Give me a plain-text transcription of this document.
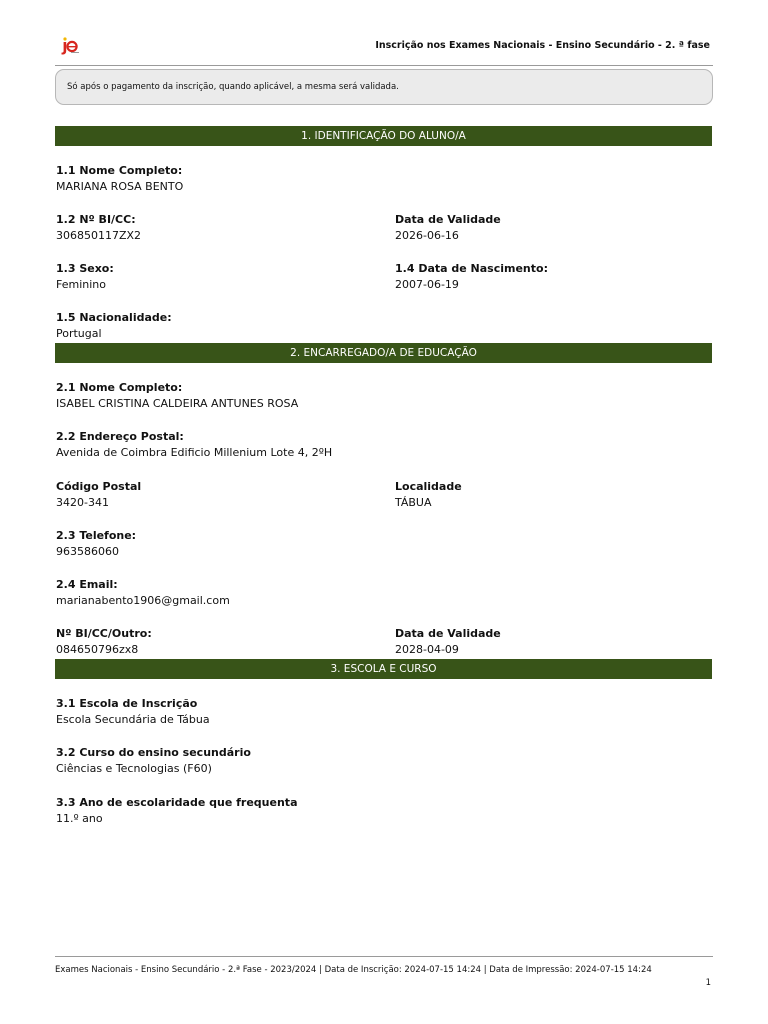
Inscrição nos Exames Nacionais - Ensino Secundário - 2. ª fase
Só após o pagamento da inscrição, quando aplicável, a mesma será validada.
1. IDENTIFICAÇÃO DO ALUNO/A
1.1 Nome Completo:
MARIANA ROSA BENTO
1.2 Nº BI/CC:
306850117ZX2
Data de Validade
2026-06-16
1.3 Sexo:
Feminino
1.4 Data de Nascimento:
2007-06-19
1.5 Nacionalidade:
Portugal
2. ENCARREGADO/A DE EDUCAÇÃO
2.1 Nome Completo:
ISABEL CRISTINA CALDEIRA ANTUNES ROSA
2.2 Endereço Postal:
Avenida de Coimbra Edificio Millenium Lote 4, 2ºH
Código Postal
3420-341
Localidade
TÁBUA
2.3 Telefone:
963586060
2.4 Email:
marianabento1906@gmail.com
Nº BI/CC/Outro:
084650796zx8
Data de Validade
2028-04-09
3. ESCOLA E CURSO
3.1 Escola de Inscrição
Escola Secundária de Tábua
3.2 Curso do ensino secundário
Ciências e Tecnologias (F60)
3.3 Ano de escolaridade que frequenta
11.º ano
Exames Nacionais - Ensino Secundário - 2.ª Fase - 2023/2024 | Data de Inscrição: 2024-07-15 14:24 | Data de Impressão: 2024-07-15 14:24
1
